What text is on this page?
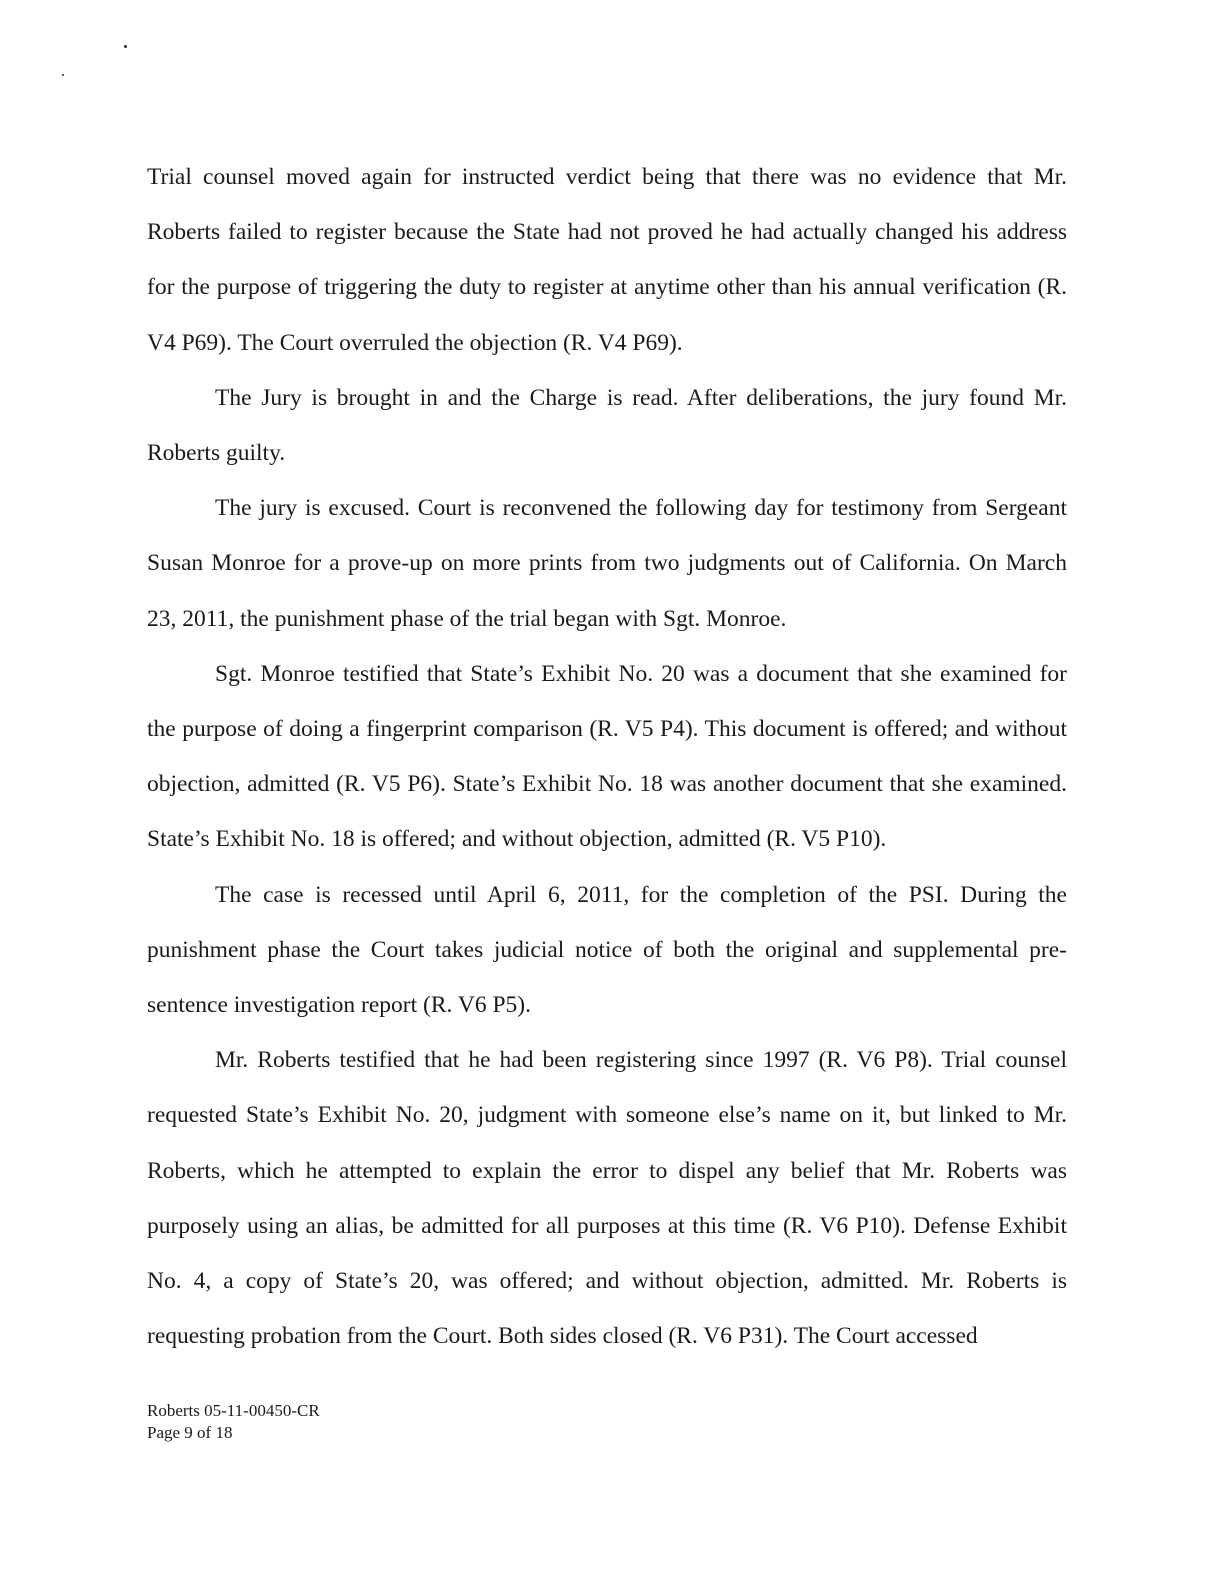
Trial counsel moved again for instructed verdict being that there was no evidence that Mr. Roberts failed to register because the State had not proved he had actually changed his address for the purpose of triggering the duty to register at anytime other than his annual verification (R. V4 P69). The Court overruled the objection (R. V4 P69).

The Jury is brought in and the Charge is read. After deliberations, the jury found Mr. Roberts guilty.

The jury is excused. Court is reconvened the following day for testimony from Sergeant Susan Monroe for a prove-up on more prints from two judgments out of California. On March 23, 2011, the punishment phase of the trial began with Sgt. Monroe.

Sgt. Monroe testified that State’s Exhibit No. 20 was a document that she examined for the purpose of doing a fingerprint comparison (R. V5 P4). This document is offered; and without objection, admitted (R. V5 P6). State’s Exhibit No. 18 was another document that she examined. State’s Exhibit No. 18 is offered; and without objection, admitted (R. V5 P10).

The case is recessed until April 6, 2011, for the completion of the PSI. During the punishment phase the Court takes judicial notice of both the original and supplemental pre-sentence investigation report (R. V6 P5).

Mr. Roberts testified that he had been registering since 1997 (R. V6 P8). Trial counsel requested State’s Exhibit No. 20, judgment with someone else’s name on it, but linked to Mr. Roberts, which he attempted to explain the error to dispel any belief that Mr. Roberts was purposely using an alias, be admitted for all purposes at this time (R. V6 P10). Defense Exhibit No. 4, a copy of State’s 20, was offered; and without objection, admitted. Mr. Roberts is requesting probation from the Court. Both sides closed (R. V6 P31). The Court accessed

Roberts 05-11-00450-CR
Page 9 of 18
